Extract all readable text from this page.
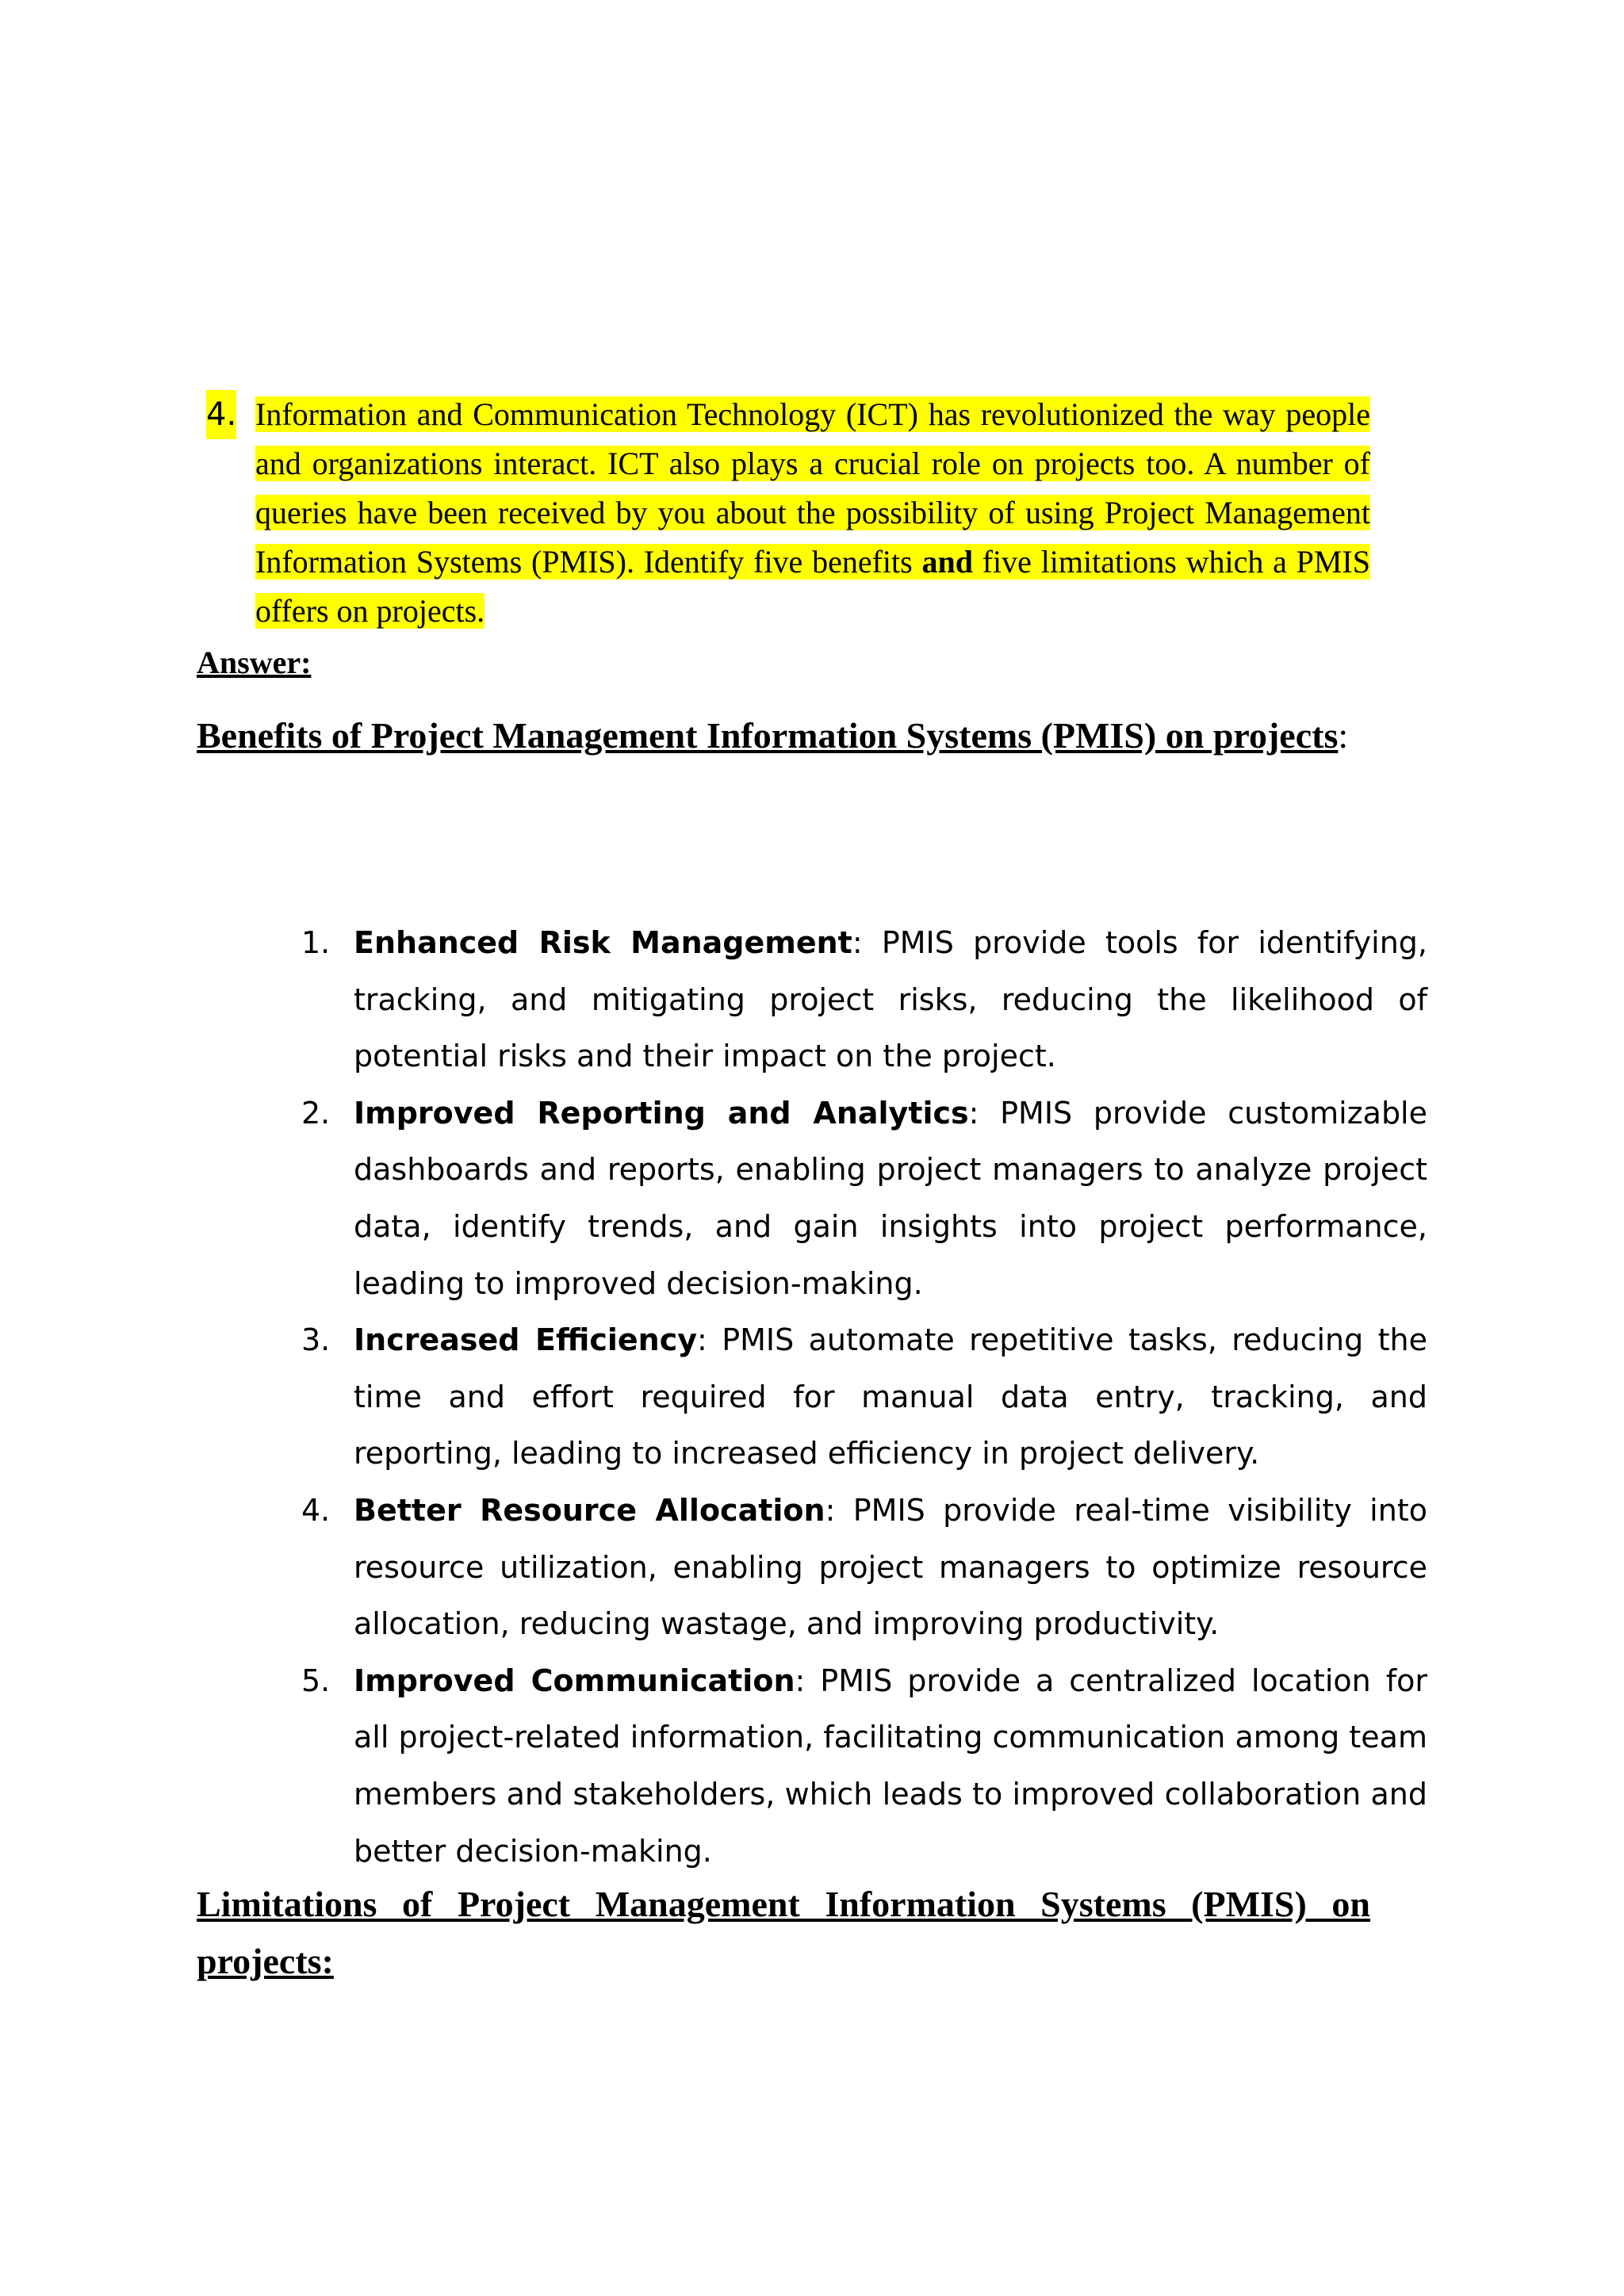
4. Information and Communication Technology (ICT) has revolutionized the way people and organizations interact. ICT also plays a crucial role on projects too. A number of queries have been received by you about the possibility of using Project Management Information Systems (PMIS). Identify five benefits and five limitations which a PMIS offers on projects.
Answer:
Benefits of Project Management Information Systems (PMIS) on projects:
1. Enhanced Risk Management: PMIS provide tools for identifying, tracking, and mitigating project risks, reducing the likelihood of potential risks and their impact on the project.
2. Improved Reporting and Analytics: PMIS provide customizable dashboards and reports, enabling project managers to analyze project data, identify trends, and gain insights into project performance, leading to improved decision-making.
3. Increased Efficiency: PMIS automate repetitive tasks, reducing the time and effort required for manual data entry, tracking, and reporting, leading to increased efficiency in project delivery.
4. Better Resource Allocation: PMIS provide real-time visibility into resource utilization, enabling project managers to optimize resource allocation, reducing wastage, and improving productivity.
5. Improved Communication: PMIS provide a centralized location for all project-related information, facilitating communication among team members and stakeholders, which leads to improved collaboration and better decision-making.
Limitations of Project Management Information Systems (PMIS) on projects:
